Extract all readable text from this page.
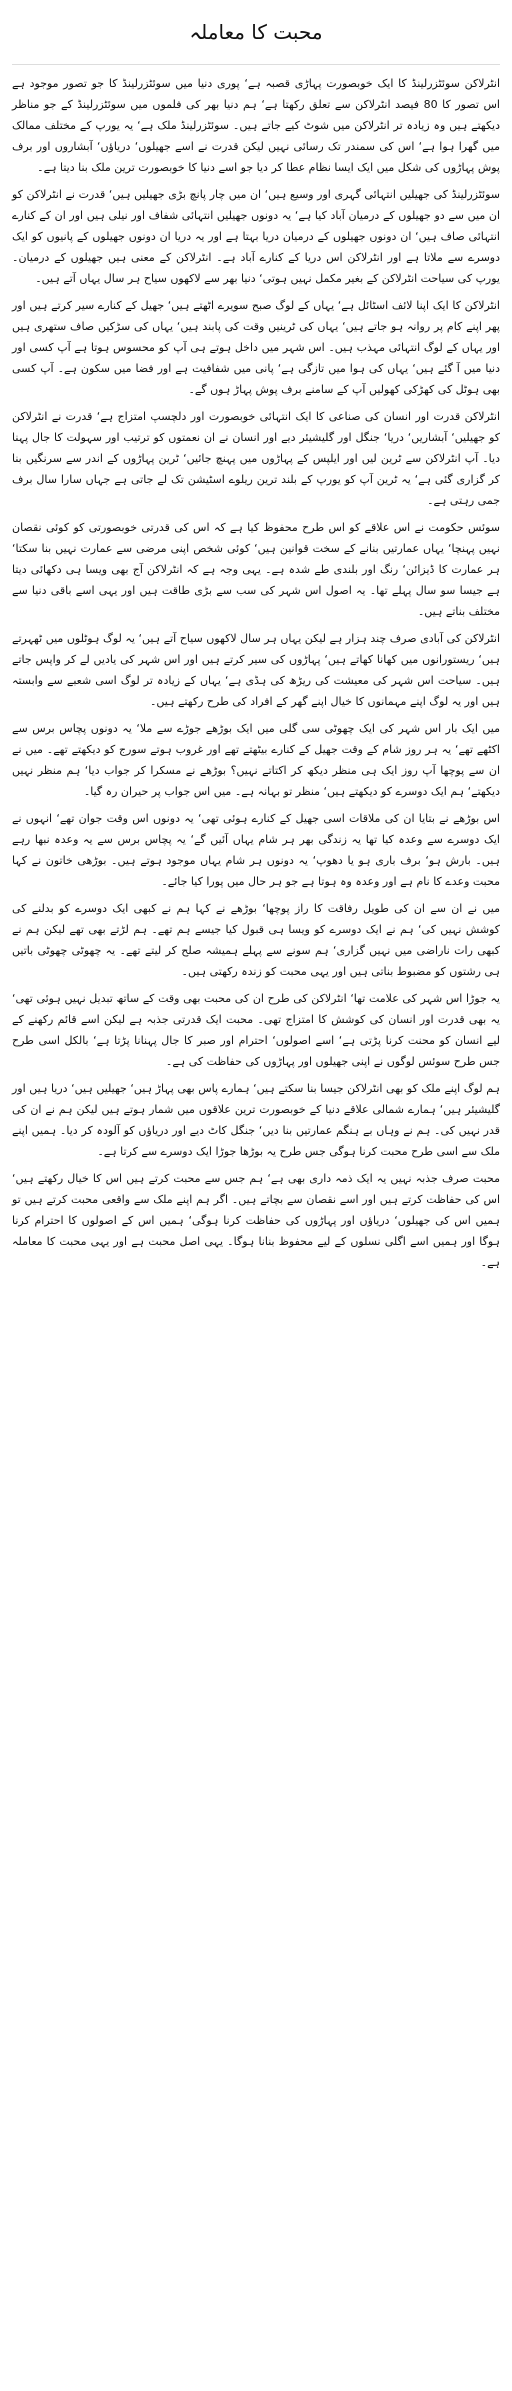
محبت کا معاملہ

انٹرلاکن سوئٹزرلینڈ کا ایک خوبصورت پہاڑی قصبہ ہے‘ پوری دنیا میں سوئٹزرلینڈ کا جو تصور موجود ہے اس تصور کا 80 فیصد انٹرلاکن سے تعلق رکھتا ہے‘ ہم دنیا بھر کی فلموں میں سوئٹزرلینڈ کے جو مناظر دیکھتے ہیں وہ زیادہ تر انٹرلاکن میں شوٹ کیے جاتے ہیں۔ سوئٹزرلینڈ ملک ہے‘ یہ یورپ کے مختلف ممالک میں گھرا ہوا ہے‘ اس کی سمندر تک رسائی نہیں لیکن قدرت نے اسے جھیلوں‘ دریاؤں‘ آبشاروں اور برف پوش پہاڑوں کی شکل میں ایک ایسا نظام عطا کر دیا جو اسے دنیا کا خوبصورت ترین ملک بنا دیتا ہے۔

سوئٹزرلینڈ کی جھیلیں انتہائی گہری اور وسیع ہیں‘ ان میں چار پانچ بڑی جھیلیں ہیں‘ قدرت نے انٹرلاکن کو ان میں سے دو جھیلوں کے درمیان آباد کیا ہے‘ یہ دونوں جھیلیں انتہائی شفاف اور نیلی ہیں اور ان کے کنارے انتہائی صاف ہیں‘ ان دونوں جھیلوں کے درمیان دریا بہتا ہے اور یہ دریا ان دونوں جھیلوں کے پانیوں کو ایک دوسرے سے ملاتا ہے اور انٹرلاکن اس دریا کے کنارے آباد ہے۔ انٹرلاکن کے معنی ہیں جھیلوں کے درمیان۔ یورپ کی سیاحت انٹرلاکن کے بغیر مکمل نہیں ہوتی‘ دنیا بھر سے لاکھوں سیاح ہر سال یہاں آتے ہیں۔

انٹرلاکن کا ایک اپنا لائف اسٹائل ہے‘ یہاں کے لوگ صبح سویرے اٹھتے ہیں‘ جھیل کے کنارے سیر کرتے ہیں اور پھر اپنے کام پر روانہ ہو جاتے ہیں‘ یہاں کی ٹرینیں وقت کی پابند ہیں‘ یہاں کی سڑکیں صاف ستھری ہیں اور یہاں کے لوگ انتہائی مہذب ہیں۔ اس شہر میں داخل ہوتے ہی آپ کو محسوس ہوتا ہے آپ کسی اور دنیا میں آ گئے ہیں‘ یہاں کی ہوا میں تازگی ہے‘ پانی میں شفافیت ہے اور فضا میں سکون ہے۔ آپ کسی بھی ہوٹل کی کھڑکی کھولیں آپ کے سامنے برف پوش پہاڑ ہوں گے۔

انٹرلاکن قدرت اور انسان کی صناعی کا ایک انتہائی خوبصورت اور دلچسپ امتزاج ہے‘ قدرت نے انٹرلاکن کو جھیلیں‘ آبشاریں‘ دریا‘ جنگل اور گلیشیئر دیے اور انسان نے ان نعمتوں کو ترتیب اور سہولت کا جال پہنا دیا۔ آپ انٹرلاکن سے ٹرین لیں اور ایلپس کے پہاڑوں میں پہنچ جائیں‘ ٹرین پہاڑوں کے اندر سے سرنگیں بنا کر گزاری گئی ہے‘ یہ ٹرین آپ کو یورپ کے بلند ترین ریلوے اسٹیشن تک لے جاتی ہے جہاں سارا سال برف جمی رہتی ہے۔

سوئس حکومت نے اس علاقے کو اس طرح محفوظ کیا ہے کہ اس کی قدرتی خوبصورتی کو کوئی نقصان نہیں پہنچا‘ یہاں عمارتیں بنانے کے سخت قوانین ہیں‘ کوئی شخص اپنی مرضی سے عمارت نہیں بنا سکتا‘ ہر عمارت کا ڈیزائن‘ رنگ اور بلندی طے شدہ ہے۔ یہی وجہ ہے کہ انٹرلاکن آج بھی ویسا ہی دکھائی دیتا ہے جیسا سو سال پہلے تھا۔ یہ اصول اس شہر کی سب سے بڑی طاقت ہیں اور یہی اسے باقی دنیا سے مختلف بناتے ہیں۔

انٹرلاکن کی آبادی صرف چند ہزار ہے لیکن یہاں ہر سال لاکھوں سیاح آتے ہیں‘ یہ لوگ ہوٹلوں میں ٹھہرتے ہیں‘ ریستورانوں میں کھانا کھاتے ہیں‘ پہاڑوں کی سیر کرتے ہیں اور اس شہر کی یادیں لے کر واپس جاتے ہیں۔ سیاحت اس شہر کی معیشت کی ریڑھ کی ہڈی ہے‘ یہاں کے زیادہ تر لوگ اسی شعبے سے وابستہ ہیں اور یہ لوگ اپنے مہمانوں کا خیال اپنے گھر کے افراد کی طرح رکھتے ہیں۔

میں ایک بار اس شہر کی ایک چھوٹی سی گلی میں ایک بوڑھے جوڑے سے ملا‘ یہ دونوں پچاس برس سے اکٹھے تھے‘ یہ ہر روز شام کے وقت جھیل کے کنارے بیٹھتے تھے اور غروب ہوتے سورج کو دیکھتے تھے۔ میں نے ان سے پوچھا آپ روز ایک ہی منظر دیکھ کر اکتاتے نہیں؟ بوڑھے نے مسکرا کر جواب دیا‘ ہم منظر نہیں دیکھتے‘ ہم ایک دوسرے کو دیکھتے ہیں‘ منظر تو بہانہ ہے۔ میں اس جواب پر حیران رہ گیا۔

اس بوڑھے نے بتایا ان کی ملاقات اسی جھیل کے کنارے ہوئی تھی‘ یہ دونوں اس وقت جوان تھے‘ انہوں نے ایک دوسرے سے وعدہ کیا تھا یہ زندگی بھر ہر شام یہاں آئیں گے‘ یہ پچاس برس سے یہ وعدہ نبھا رہے ہیں۔ بارش ہو‘ برف باری ہو یا دھوپ‘ یہ دونوں ہر شام یہاں موجود ہوتے ہیں۔ بوڑھی خاتون نے کہا محبت وعدے کا نام ہے اور وعدہ وہ ہوتا ہے جو ہر حال میں پورا کیا جائے۔

میں نے ان سے ان کی طویل رفاقت کا راز پوچھا‘ بوڑھے نے کہا ہم نے کبھی ایک دوسرے کو بدلنے کی کوشش نہیں کی‘ ہم نے ایک دوسرے کو ویسا ہی قبول کیا جیسے ہم تھے۔ ہم لڑتے بھی تھے لیکن ہم نے کبھی رات ناراضی میں نہیں گزاری‘ ہم سونے سے پہلے ہمیشہ صلح کر لیتے تھے۔ یہ چھوٹی چھوٹی باتیں ہی رشتوں کو مضبوط بناتی ہیں اور یہی محبت کو زندہ رکھتی ہیں۔

یہ جوڑا اس شہر کی علامت تھا‘ انٹرلاکن کی طرح ان کی محبت بھی وقت کے ساتھ تبدیل نہیں ہوئی تھی‘ یہ بھی قدرت اور انسان کی کوشش کا امتزاج تھی۔ محبت ایک قدرتی جذبہ ہے لیکن اسے قائم رکھنے کے لیے انسان کو محنت کرنا پڑتی ہے‘ اسے اصولوں‘ احترام اور صبر کا جال پہنانا پڑتا ہے‘ بالکل اسی طرح جس طرح سوئس لوگوں نے اپنی جھیلوں اور پہاڑوں کی حفاظت کی ہے۔

ہم لوگ اپنے ملک کو بھی انٹرلاکن جیسا بنا سکتے ہیں‘ ہمارے پاس بھی پہاڑ ہیں‘ جھیلیں ہیں‘ دریا ہیں اور گلیشیئر ہیں‘ ہمارے شمالی علاقے دنیا کے خوبصورت ترین علاقوں میں شمار ہوتے ہیں لیکن ہم نے ان کی قدر نہیں کی۔ ہم نے وہاں بے ہنگم عمارتیں بنا دیں‘ جنگل کاٹ دیے اور دریاؤں کو آلودہ کر دیا۔ ہمیں اپنے ملک سے اسی طرح محبت کرنا ہوگی جس طرح یہ بوڑھا جوڑا ایک دوسرے سے کرتا ہے۔

محبت صرف جذبہ نہیں یہ ایک ذمہ داری بھی ہے‘ ہم جس سے محبت کرتے ہیں اس کا خیال رکھتے ہیں‘ اس کی حفاظت کرتے ہیں اور اسے نقصان سے بچاتے ہیں۔ اگر ہم اپنے ملک سے واقعی محبت کرتے ہیں تو ہمیں اس کی جھیلوں‘ دریاؤں اور پہاڑوں کی حفاظت کرنا ہوگی‘ ہمیں اس کے اصولوں کا احترام کرنا ہوگا اور ہمیں اسے اگلی نسلوں کے لیے محفوظ بنانا ہوگا۔ یہی اصل محبت ہے اور یہی محبت کا معاملہ ہے۔
